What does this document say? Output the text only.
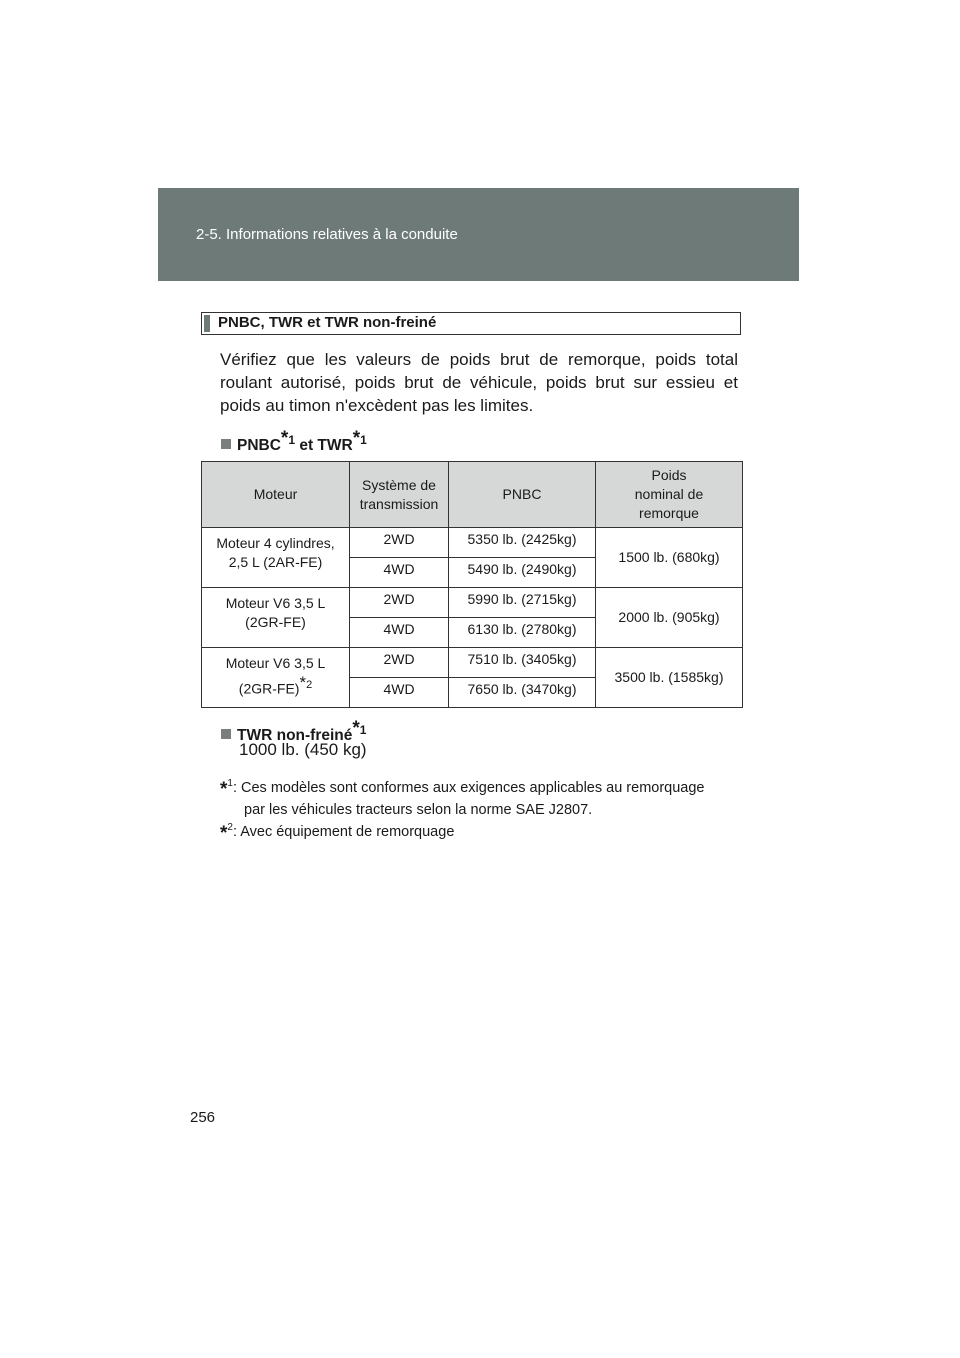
2-5. Informations relatives à la conduite
PNBC, TWR et TWR non-freiné

Vérifiez que les valeurs de poids brut de remorque, poids total roulant autorisé, poids brut de véhicule, poids brut sur essieu et poids au timon n'excèdent pas les limites.

PNBC$^{*1}$ et TWR$^{*1}$
Moteur	Système de transmission	PNBC	Poids nominal de remorque
Moteur 4 cylindres,
2,5 L (2AR-FE)	2WD	5350 lb. (2425kg)	1500 lb. (680kg)
	4WD	5490 lb. (2490kg)	
Moteur V6 3,5 L
(2GR-FE)	2WD	5990 lb. (2715kg)	2000 lb. (905kg)
	4WD	6130 lb. (2780kg)	
Moteur V6 3,5 L
$(2GR-FE)^{*2}$	2WD	7510 lb. (3405kg)	3500 lb. (1585kg)
	4WD	7650 lb. (3470kg)	
TWR non-freiné$^{*1}$
1000 lb. (450 kg)
*$^1$: Ces modèles sont conformes aux exigences applicables au remorquage
par les véhicules tracteurs selon la norme SAE J2807.
*$^2$: Avec équipement de remorquage
256
